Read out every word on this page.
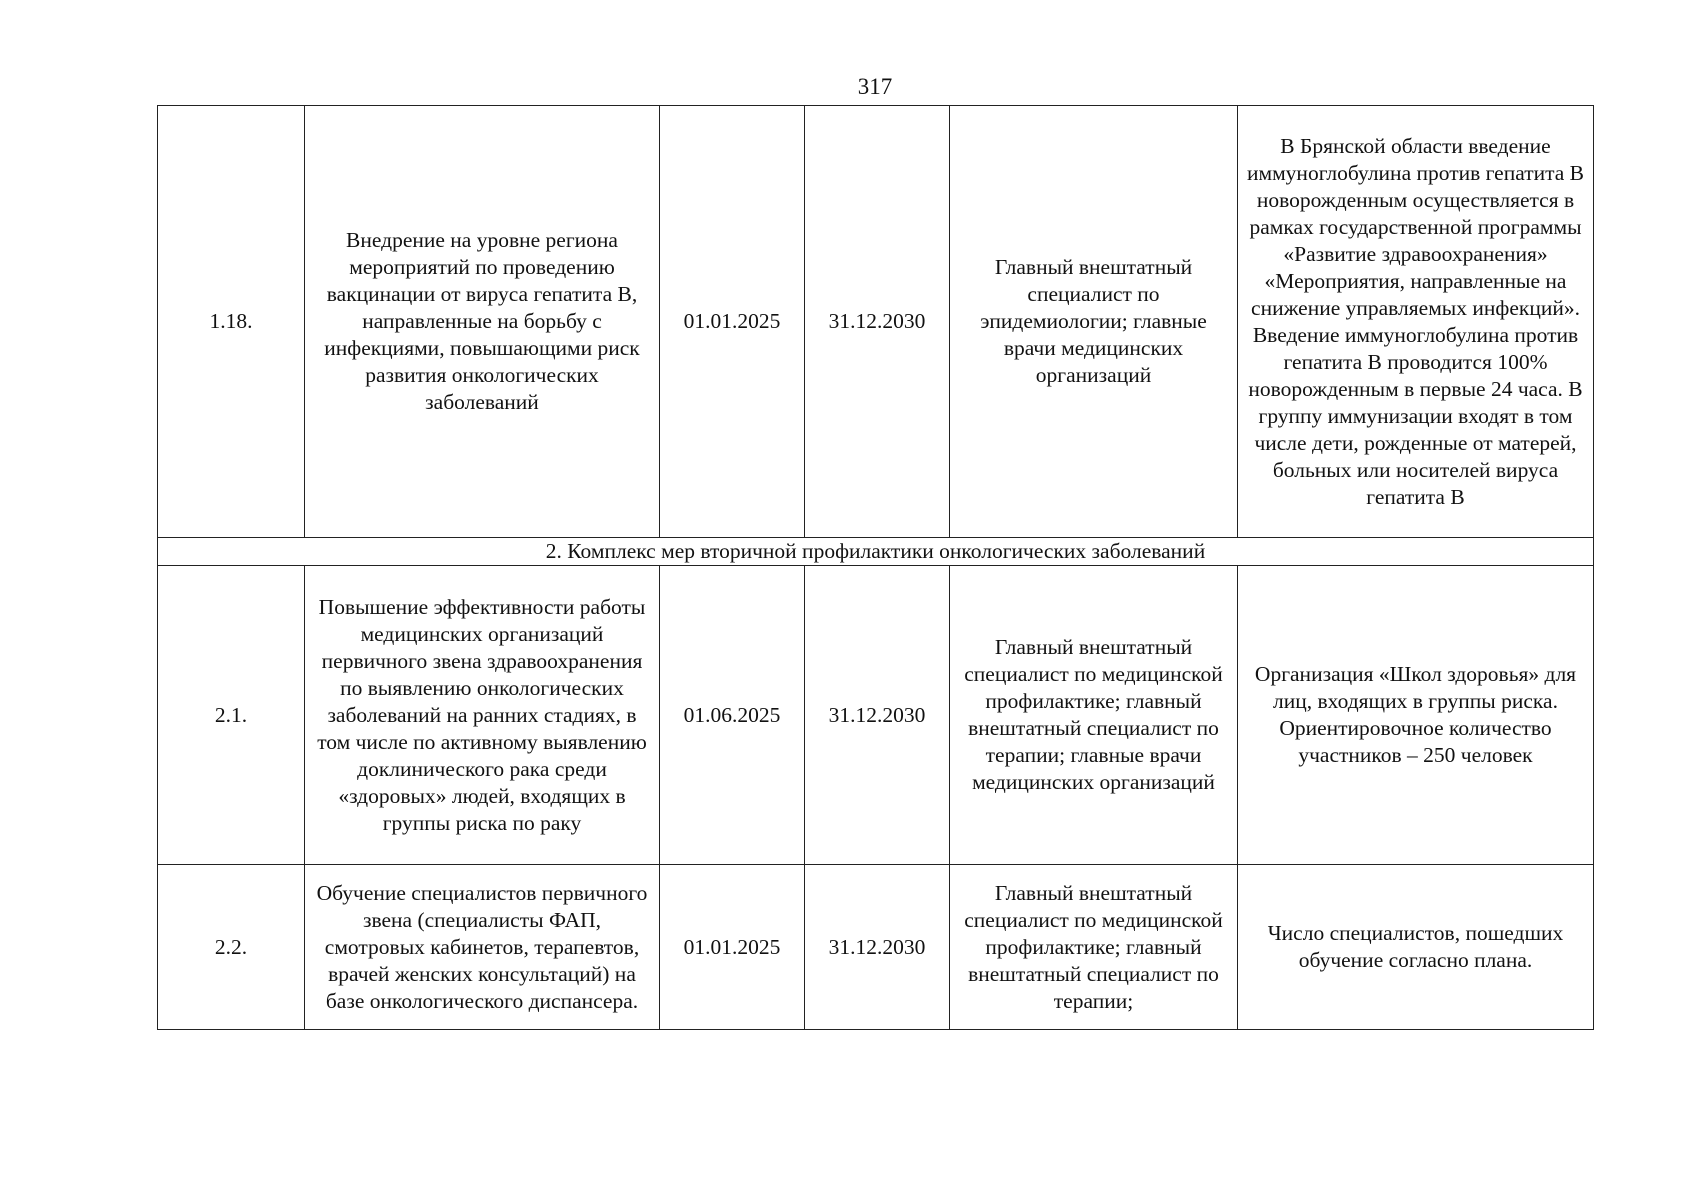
317
1.18.	Внедрение на уровне региона мероприятий по проведению вакцинации от вируса гепатита В, направленные на борьбу с инфекциями, повышающими риск развития онкологических заболеваний	01.01.2025	31.12.2030	Главный внештатный специалист по эпидемиологии; главные врачи медицинских организаций	В Брянской области введение иммуноглобулина против гепатита В новорожденным осуществляется в рамках государственной программы «Развитие здравоохранения» «Мероприятия, направленные на снижение управляемых инфекций». Введение иммуноглобулина против гепатита В проводится 100% новорожденным в первые 24 часа. В группу иммунизации входят в том числе дети, рожденные от матерей, больных или носителей вируса гепатита В
2. Комплекс мер вторичной профилактики онкологических заболеваний					
2.1.	Повышение эффективности работы медицинских организаций первичного звена здравоохранения по выявлению онкологических заболеваний на ранних стадиях, в том числе по активному выявлению доклинического рака среди «здоровых» людей, входящих в группы риска по раку	01.06.2025	31.12.2030	Главный внештатный специалист по медицинской профилактике; главный внештатный специалист по терапии; главные врачи медицинских организаций	Организация «Школ здоровья» для лиц, входящих в группы риска. Ориентировочное количество участников – 250 человек
2.2.	Обучение специалистов первичного звена (специалисты ФАП, смотровых кабинетов, терапевтов, врачей женских консультаций) на базе онкологического диспансера.	01.01.2025	31.12.2030	Главный внештатный специалист по медицинской профилактике; главный внештатный специалист по терапии;	Число специалистов, пошедших обучение согласно плана.
